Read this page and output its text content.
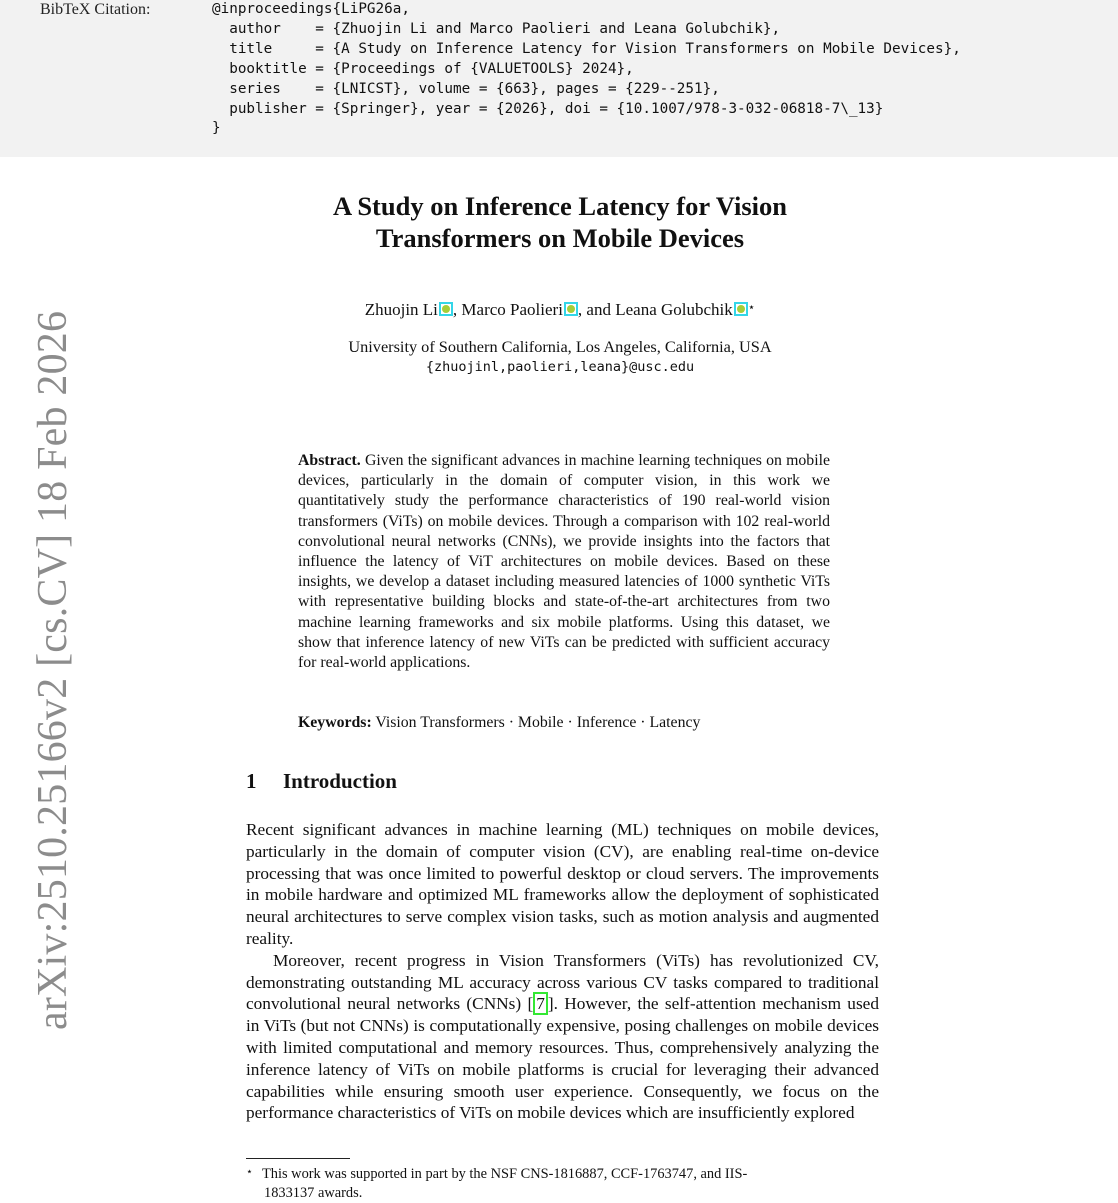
BibTeX Citation:	@inproceedings{LiPG26a,
author    = {Zhuojin Li and Marco Paolieri and Leana Golubchik},
title     = {A Study on Inference Latency for Vision Transformers on Mobile Devices},
booktitle = {Proceedings of {VALUETOOLS} 2024},
series    = {LNICST}, volume = {663}, pages = {229--251},
publisher = {Springer}, year = {2026}, doi = {10.1007/978-3-032-06818-7\_13}
}
arXiv:2510.25166v2 [cs.CV] 18 Feb 2026
A Study on Inference Latency for Vision
Transformers on Mobile Devices
Zhuojin Li , Marco Paolieri , and Leana Golubchik ⋆
University of Southern California, Los Angeles, California, USA
{zhuojinl,paolieri,leana}@usc.edu
Abstract. Given the significant advances in machine learning techniques on mobile devices, particularly in the domain of computer vision, in this work we quantitatively study the performance characteristics of 190 real-world vision transformers (ViTs) on mobile devices. Through a comparison with 102 real-world convolutional neural networks (CNNs), we provide insights into the factors that influence the latency of ViT architectures on mobile devices. Based on these insights, we develop a dataset including measured latencies of 1000 synthetic ViTs with representative building blocks and state-of-the-art architectures from two machine learning frameworks and six mobile platforms. Using this dataset, we show that inference latency of new ViTs can be predicted with sufficient accuracy for real-world applications.
Keywords: Vision Transformers · Mobile · Inference · Latency
1 Introduction

Recent significant advances in machine learning (ML) techniques on mobile devices, particularly in the domain of computer vision (CV), are enabling real-time on-device processing that was once limited to powerful desktop or cloud servers. The improvements in mobile hardware and optimized ML frameworks allow the deployment of sophisticated neural architectures to serve complex vision tasks, such as motion analysis and augmented reality.

Moreover, recent progress in Vision Transformers (ViTs) has revolutionized CV, demonstrating outstanding ML accuracy across various CV tasks compared to traditional convolutional neural networks (CNNs) [ 7 ]. However, the self-attention mechanism used in ViTs (but not CNNs) is computationally expensive, posing challenges on mobile devices with limited computational and memory resources. Thus, comprehensively analyzing the inference latency of ViTs on mobile platforms is crucial for leveraging their advanced capabilities while ensuring smooth user experience. Consequently, we focus on the performance characteristics of ViTs on mobile devices which are insufficiently explored

⋆ This work was supported in part by the NSF CNS-1816887, CCF-1763747, and IIS-
1833137 awards.
